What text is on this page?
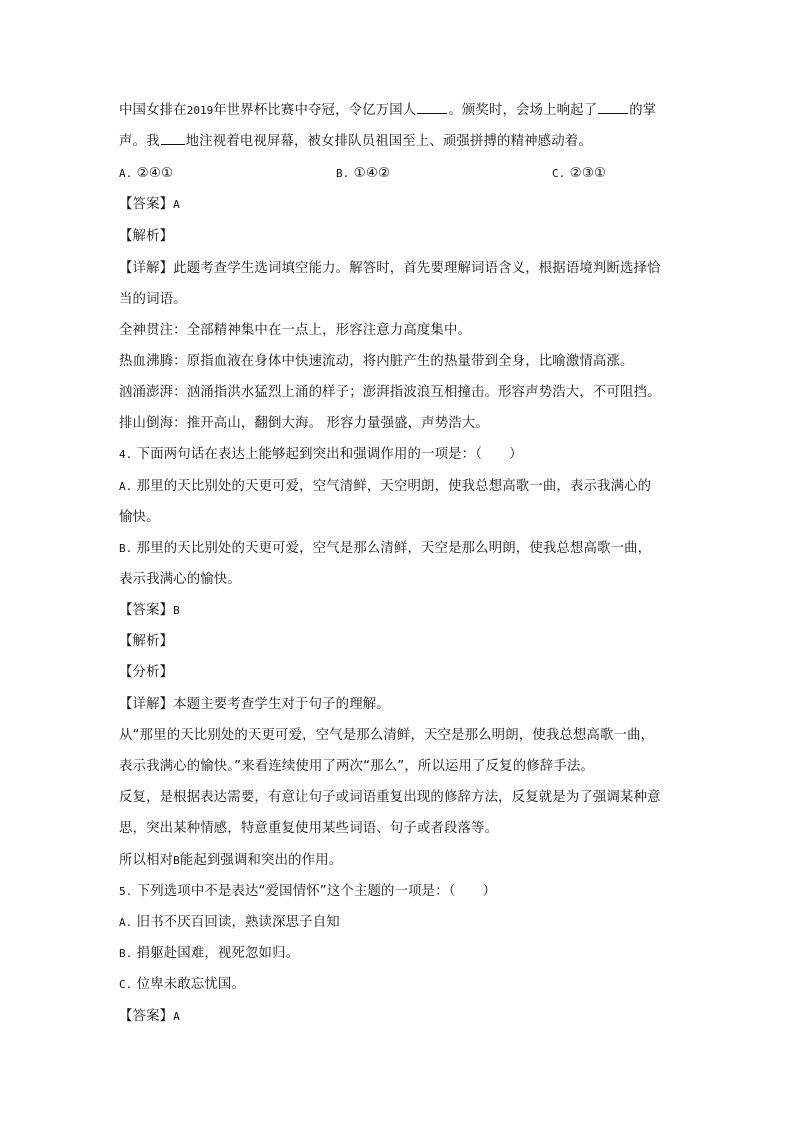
中国女排在2019年世界杯比赛中夺冠，令亿万国人 。颁奖时，会场上响起了 的掌
声。我 地注视着电视屏幕，被女排队员祖国至上、顽强拼搏的精神感动着。
A. ②④①	B. ①④②	C. ②③①
【答案】A
【解析】
【详解】此题考查学生选词填空能力。解答时，首先要理解词语含义，根据语境判断选择恰
当的词语。
全神贯注：全部精神集中在一点上，形容注意力高度集中。
热血沸腾：原指血液在身体中快速流动，将内脏产生的热量带到全身，比喻激情高涨。
汹涌澎湃：汹涌指洪水猛烈上涌的样子；澎湃指波浪互相撞击。形容声势浩大，不可阻挡。
排山倒海：推开高山，翻倒大海。 形容力量强盛，声势浩大。
4. 下面两句话在表达上能够起到突出和强调作用的一项是：（　　）
A. 那里的天比别处的天更可爱，空气清鲜，天空明朗，使我总想高歌一曲，表示我满心的
愉快。
B. 那里的天比别处的天更可爱，空气是那么清鲜，天空是那么明朗，使我总想高歌一曲，
表示我满心的愉快。
【答案】B
【解析】
【分析】
【详解】本题主要考查学生对于句子的理解。
从“那里的天比别处的天更可爱，空气是那么清鲜，天空是那么明朗，使我总想高歌一曲，
表示我满心的愉快。”来看连续使用了两次“那么”，所以运用了反复的修辞手法。
反复，是根据表达需要，有意让句子或词语重复出现的修辞方法，反复就是为了强调某种意
思，突出某种情感，特意重复使用某些词语、句子或者段落等。
所以相对B能起到强调和突出的作用。
5. 下列选项中不是表达“爱国情怀”这个主题的一项是：（　　）
A. 旧书不厌百回读，熟读深思子自知
B. 捐躯赴国难，视死忽如归。
C. 位卑未敢忘忧国。
【答案】A
